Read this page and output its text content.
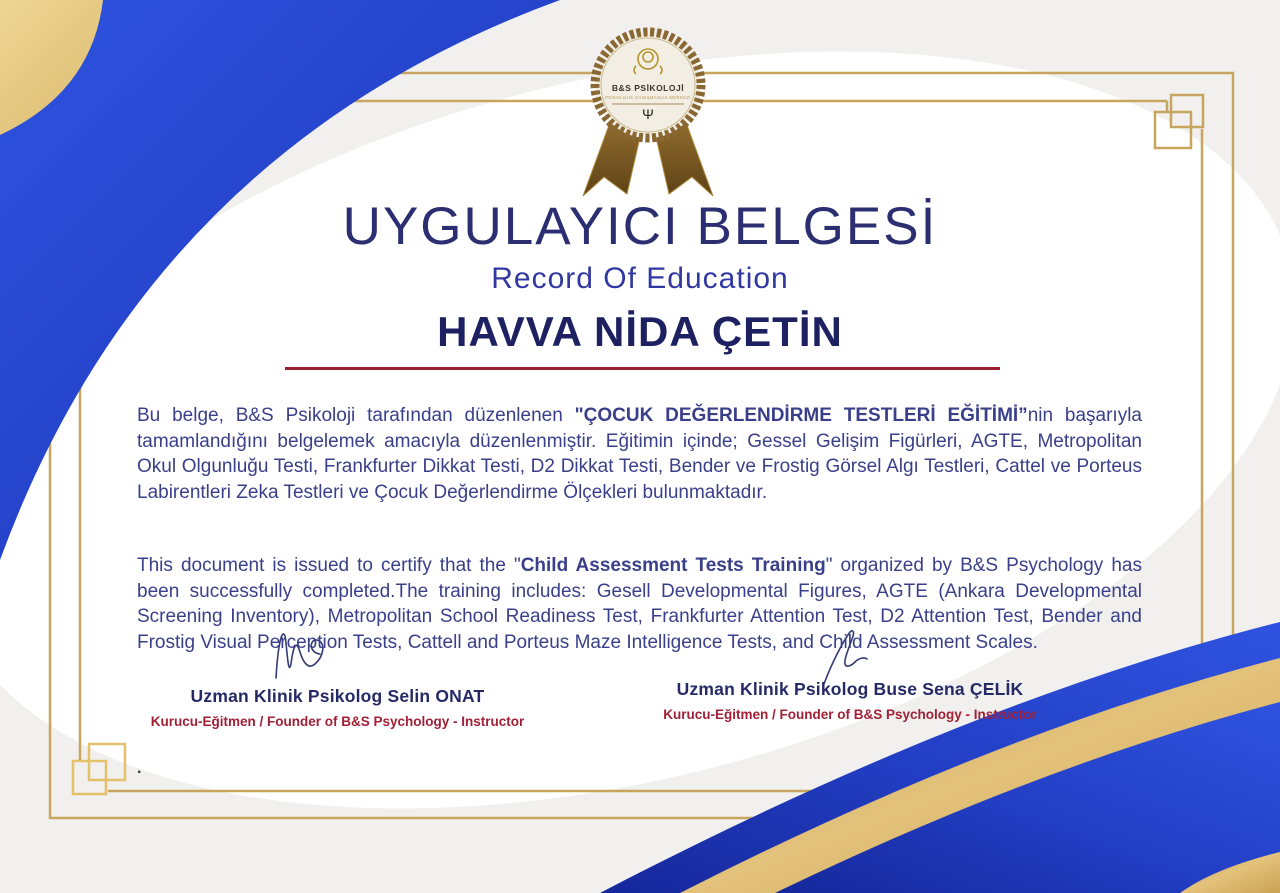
B&S PSİKOLOJİ
PSİKOLOJİK DANIŞMANLIK MERKEZİ
Ψ
UYGULAYICI BELGESİ
Record Of Education
HAVVA NİDA ÇETİN

Bu belge, B&S Psikoloji tarafından düzenlenen "ÇOCUK DEĞERLENDİRME TESTLERİ EĞİTİMİ”nin başarıyla tamamlandığını belgelemek amacıyla düzenlenmiştir. Eğitimin içinde; Gessel Gelişim Figürleri, AGTE, Metropolitan Okul Olgunluğu Testi, Frankfurter Dikkat Testi, D2 Dikkat Testi, Bender ve Frostig Görsel Algı Testleri, Cattel ve Porteus Labirentleri Zeka Testleri ve Çocuk Değerlendirme Ölçekleri bulunmaktadır.

This document is issued to certify that the "Child Assessment Tests Training" organized by B&S Psychology has been successfully completed.The training includes: Gesell Developmental Figures, AGTE (Ankara Developmental Screening Inventory), Metropolitan School Readiness Test, Frankfurter Attention Test, D2 Attention Test, Bender and Frostig Visual Perception Tests, Cattell and Porteus Maze Intelligence Tests, and Child Assessment Scales.

Uzman Klinik Psikolog Selin ONAT
Kurucu-Eğitmen / Founder of B&S Psychology - Instructor
Uzman Klinik Psikolog Buse Sena ÇELİK
Kurucu-Eğitmen / Founder of B&S Psychology - Instructor
.
